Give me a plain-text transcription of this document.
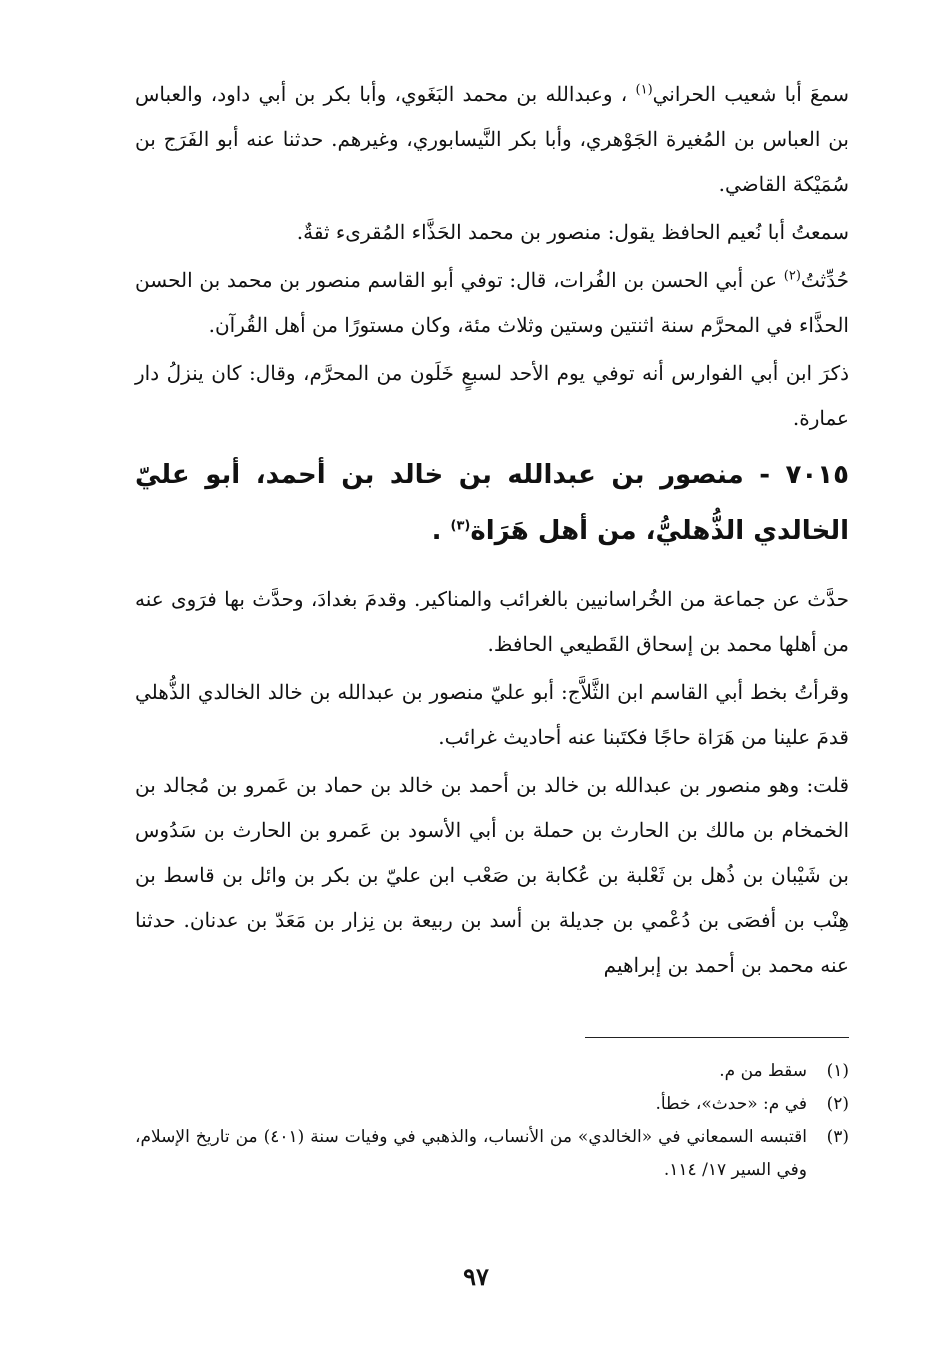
سمعَ أبا شعيب الحراني$^{(١)}$ ، وعبدالله بن محمد البَغَوي، وأبا بكر بن أبي داود، والعباس بن العباس بن المُغيرة الجَوْهري، وأبا بكر النَّيسابوري، وغيرهم. حدثنا عنه أبو الفَرَج بن سُمَيْكة القاضي.

سمعتُ أبا نُعيم الحافظ يقول: منصور بن محمد الحَذَّاء المُقرىء ثقةٌ.

حُدِّثتُ$^{(٢)}$ عن أبي الحسن بن الفُرات، قال: توفي أبو القاسم منصور بن محمد بن الحسن الحذَّاء في المحرَّم سنة اثنتين وستين وثلاث مئة، وكان مستورًا من أهل القُرآن.

ذكرَ ابن أبي الفوارس أنه توفي يوم الأحد لسبعٍ خَلَون من المحرَّم، وقال: كان ينزلُ دار عمارة.

٧٠١٥ - منصور بن عبدالله بن خالد بن أحمد، أبو عليّ الخالدي الذُّهليُّ، من أهل هَرَاة$^{(٣)}$ .

حدَّث عن جماعة من الخُراسانيين بالغرائب والمناكير. وقدمَ بغدادَ، وحدَّث بها فرَوى عنه من أهلها محمد بن إسحاق القَطيعي الحافظ.

وقرأتُ بخط أبي القاسم ابن الثَّلاَّج: أبو عليّ منصور بن عبدالله بن خالد الخالدي الذُّهلي قدمَ علينا من هَرَاة حاجًا فكتَبنا عنه أحاديث غرائب.

قلت: وهو منصور بن عبدالله بن خالد بن أحمد بن خالد بن حماد بن عَمرو بن مُجالد بن الخمخام بن مالك بن الحارث بن حملة بن أبي الأسود بن عَمرو بن الحارث بن سَدُوس بن شَيْبان بن ذُهل بن ثَعْلبة بن عُكابة بن صَعْب ابن عليّ بن بكر بن وائل بن قاسط بن هِنْب بن أفصَى بن دُعْمي بن جديلة بن أسد بن ربيعة بن نِزار بن مَعَدّ بن عدنان. حدثنا عنه محمد بن أحمد بن إبراهيم

(١)
سقط من م.
(٢)
في م: «حدث»، خطأ.
(٣)
اقتبسه السمعاني في «الخالدي» من الأنساب، والذهبي في وفيات سنة (٤٠١) من تاريخ الإسلام، وفي السير ١٧/ ١١٤.
٩٧
